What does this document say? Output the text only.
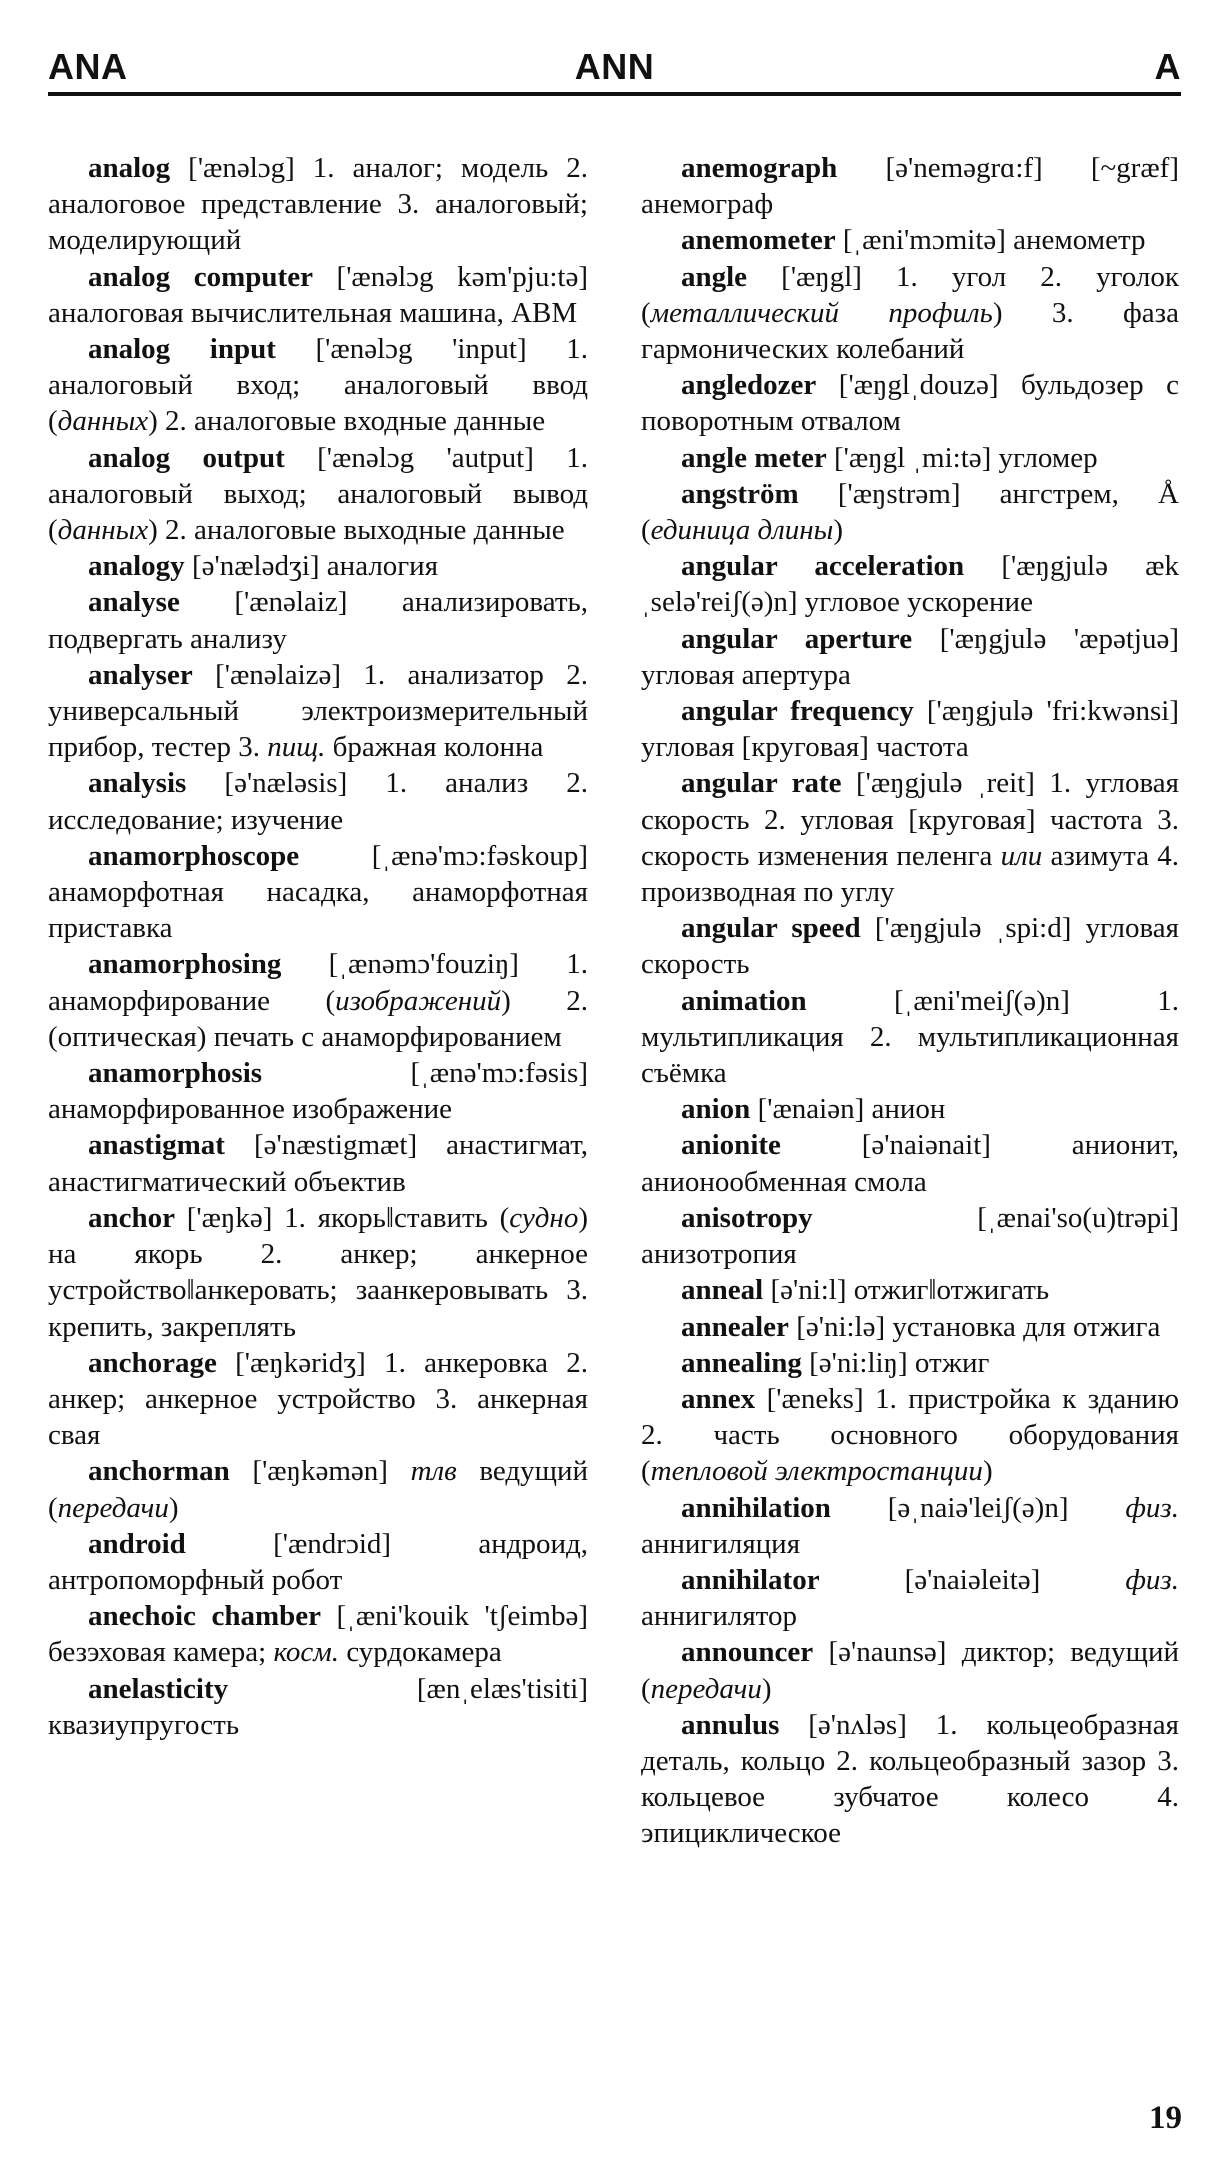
ANA	ANN	A
analog ['ænəlɔg] 1. аналог; модель 2. аналоговое представление 3. аналоговый; моделирующий
analog computer ['ænəlɔg kəm'pju:tə] аналоговая вычислительная машина, АВМ
analog input ['ænəlɔg 'input] 1. аналоговый вход; аналоговый ввод (данных) 2. аналоговые входные данные
analog output ['ænəlɔg 'autput] 1. аналоговый выход; аналоговый вывод (данных) 2. аналоговые выходные данные
analogy [ə'nælədʒi] аналогия
analyse ['ænəlaiz] анализировать, подвергать анализу
analyser ['ænəlaizə] 1. анализатор 2. универсальный электроизмерительный прибор, тестер 3. пищ. бражная колонна
analysis [ə'næləsis] 1. анализ 2. исследование; изучение
anamorphoscope [ˌænə'mɔ:fəskoup] анаморфотная насадка, анаморфотная приставка
anamorphosing [ˌænəmɔ'fouziŋ] 1. анаморфирование (изображений) 2. (оптическая) печать с анаморфированием
anamorphosis [ˌænə'mɔ:fəsis] анаморфированное изображение
anastigmat [ə'næstigmæt] анастигмат, анастигматический объектив
anchor ['æŋkə] 1. якорь‖ставить (судно) на якорь 2. анкер; анкерное устройство‖анкеровать; заанкеровывать 3. крепить, закреплять
anchorage ['æŋkəridʒ] 1. анкеровка 2. анкер; анкерное устройство 3. анкерная свая
anchorman ['æŋkəmən] тлв ведущий (передачи)
android ['ændrɔid] андроид, антропоморфный робот
anechoic chamber [ˌæni'kouik 'tʃeimbə] безэховая камера; косм. сурдокамера
anelasticity [ænˌelæs'tisiti] квазиупругость
anemograph [ə'neməgrɑ:f] [~græf] анемограф
anemometer [ˌæni'mɔmitə] анемометр
angle ['æŋgl] 1. угол 2. уголок (металлический профиль) 3. фаза гармонических колебаний
angledozer ['æŋglˌdouzə] бульдозер с поворотным отвалом
angle meter ['æŋgl ˌmi:tə] угломер
angström ['æŋstrəm] ангстрем, Å (единица длины)
angular acceleration ['æŋgjulə ækˌselə'reiʃ(ə)n] угловое ускорение
angular aperture ['æŋgjulə 'æpətjuə] угловая апертура
angular frequency ['æŋgjulə 'fri:kwənsi] угловая [круговая] частота
angular rate ['æŋgjulə ˌreit] 1. угловая скорость 2. угловая [круговая] частота 3. скорость изменения пеленга или азимута 4. производная по углу
angular speed ['æŋgjulə ˌspi:d] угловая скорость
animation [ˌæni'meiʃ(ə)n] 1. мультипликация 2. мультипликационная съёмка
anion ['ænaiən] анион
anionite [ə'naiənait] анионит, анионообменная смола
anisotropy [ˌænai'so(u)trəpi] анизотропия
anneal [ə'ni:l] отжиг‖отжигать
annealer [ə'ni:lə] установка для отжига
annealing [ə'ni:liŋ] отжиг
annex ['æneks] 1. пристройка к зданию 2. часть основного оборудования (тепловой электростанции)
annihilation [əˌnaiə'leiʃ(ə)n] физ. аннигиляция
annihilator [ə'naiəleitə] физ. аннигилятор
announcer [ə'naunsə] диктор; ведущий (передачи)
annulus [ə'nʌləs] 1. кольцеобразная деталь, кольцо 2. кольцеобразный зазор 3. кольцевое зубчатое колесо 4. эпициклическое
19
